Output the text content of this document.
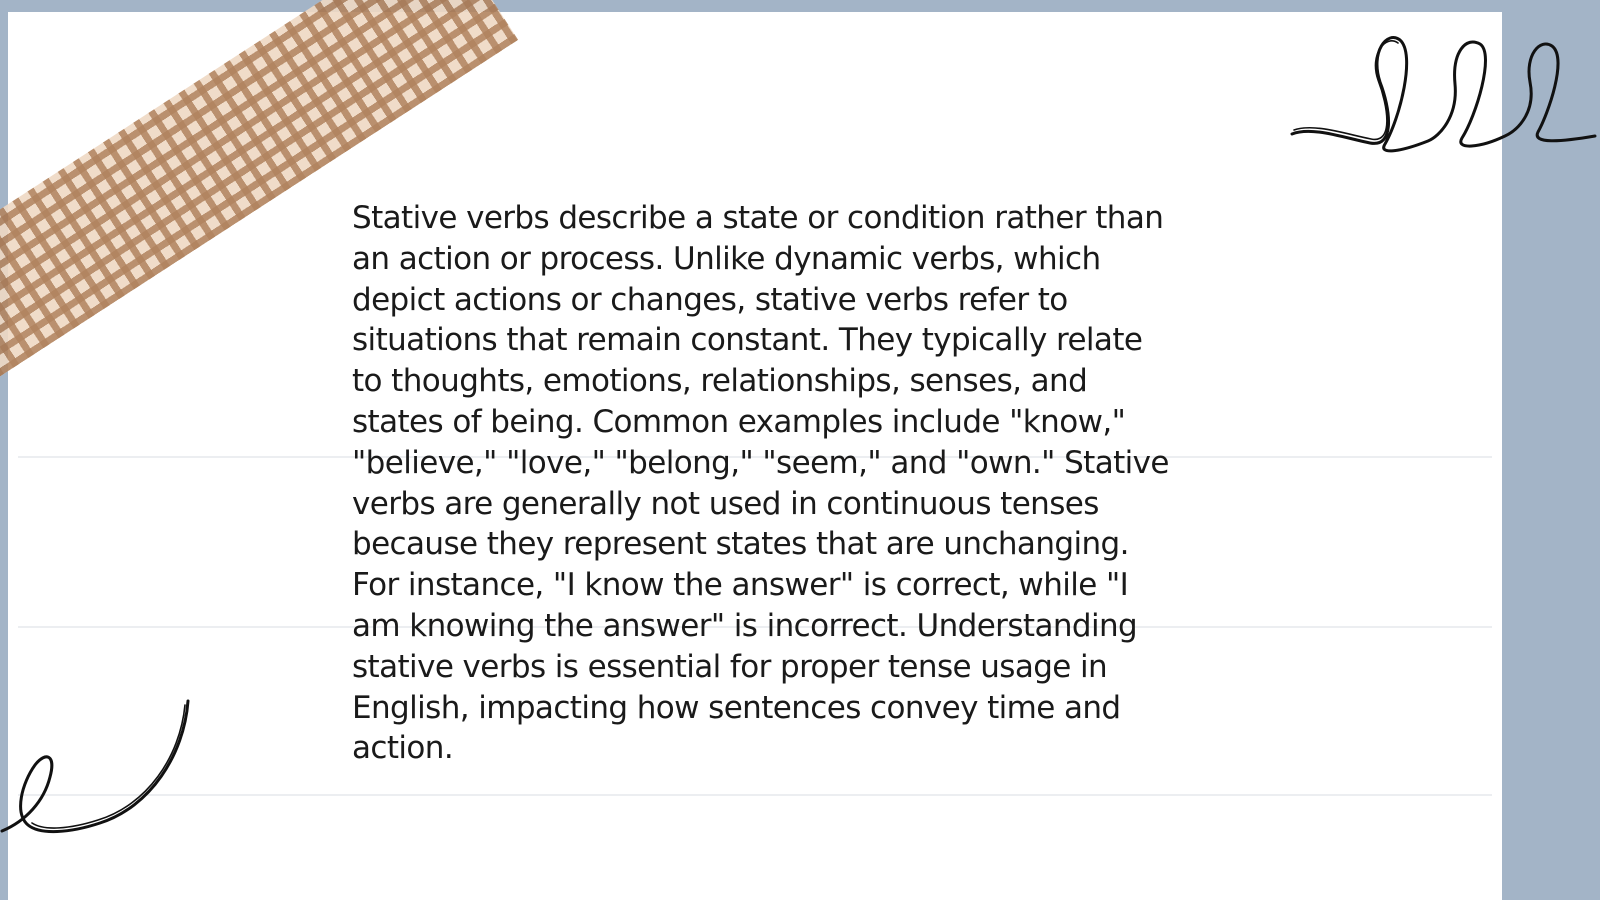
Stative verbs describe a state or condition rather than
an action or process. Unlike dynamic verbs, which
depict actions or changes, stative verbs refer to
situations that remain constant. They typically relate
to thoughts, emotions, relationships, senses, and
states of being. Common examples include "know,"
"believe," "love," "belong," "seem," and "own." Stative
verbs are generally not used in continuous tenses
because they represent states that are unchanging.
For instance, "I know the answer" is correct, while "I
am knowing the answer" is incorrect. Understanding
stative verbs is essential for proper tense usage in
English, impacting how sentences convey time and
action.
